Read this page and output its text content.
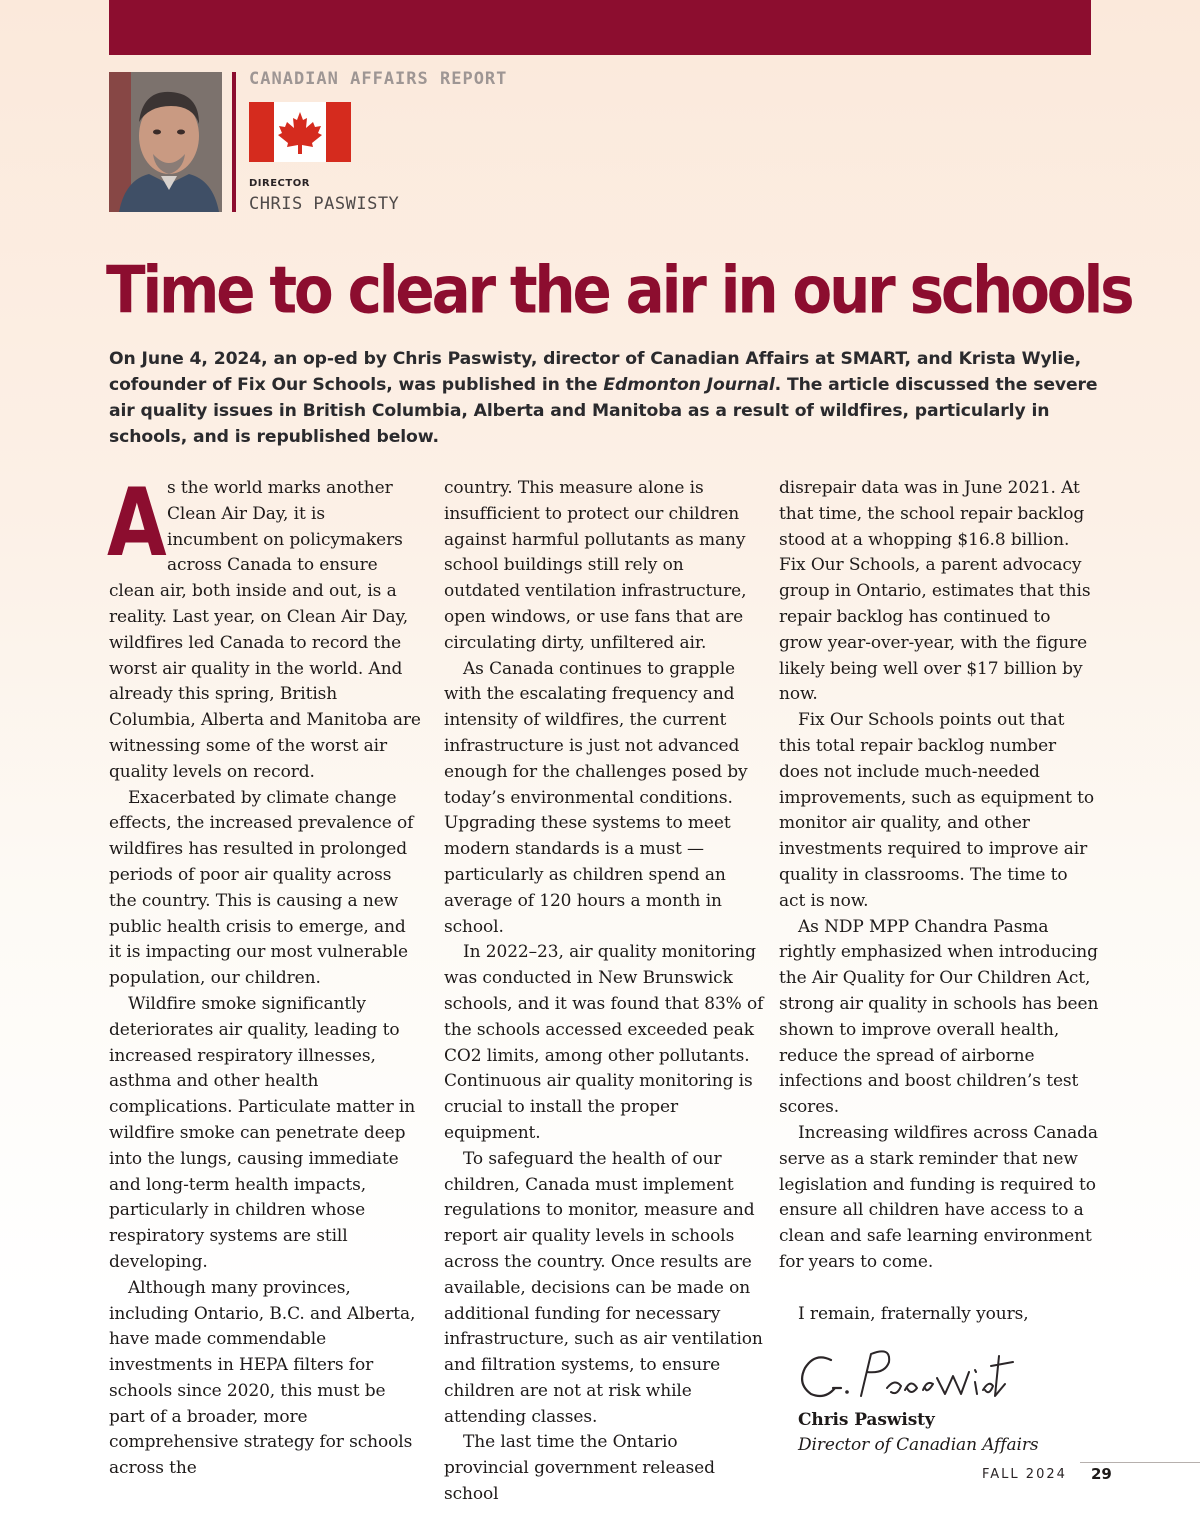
CANADIAN AFFAIRS REPORT

DIRECTOR

CHRIS PASWISTY

Time to clear the air in our schools

On June 4, 2024, an op-ed by Chris Paswisty, director of Canadian Affairs at SMART, and Krista Wylie, cofounder of Fix Our Schools, was published in the Edmonton Journal. The article discussed the severe air quality issues in British Columbia, Alberta and Manitoba as a result of wildfires, particularly in schools, and is republished below.

As the world marks another Clean Air Day, it is incumbent on policymakers across Canada to ensure clean air, both inside and out, is a reality. Last year, on Clean Air Day, wildfires led Canada to record the worst air quality in the world. And already this spring, British Columbia, Alberta and Manitoba are witnessing some of the worst air quality levels on record.

Exacerbated by climate change effects, the increased prevalence of wildfires has resulted in prolonged periods of poor air quality across the country. This is causing a new public health crisis to emerge, and it is impacting our most vulnerable population, our children.

Wildfire smoke significantly deteriorates air quality, leading to increased respiratory illnesses, asthma and other health complications. Particulate matter in wildfire smoke can penetrate deep into the lungs, causing immediate and long-term health impacts, particularly in children whose respiratory systems are still developing.

Although many provinces, including Ontario, B.C. and Alberta, have made commendable investments in HEPA filters for schools since 2020, this must be part of a broader, more comprehensive strategy for schools across the

country. This measure alone is insufficient to protect our children against harmful pollutants as many school buildings still rely on outdated ventilation infrastructure, open windows, or use fans that are circulating dirty, unfiltered air.

As Canada continues to grapple with the escalating frequency and intensity of wildfires, the current infrastructure is just not advanced enough for the challenges posed by today’s environmental conditions. Upgrading these systems to meet modern standards is a must — particularly as children spend an average of 120 hours a month in school.

In 2022–23, air quality monitoring was conducted in New Brunswick schools, and it was found that 83% of the schools accessed exceeded peak CO2 limits, among other pollutants. Continuous air quality monitoring is crucial to install the proper equipment.

To safeguard the health of our children, Canada must implement regulations to monitor, measure and report air quality levels in schools across the country. Once results are available, decisions can be made on additional funding for necessary infrastructure, such as air ventilation and filtration systems, to ensure children are not at risk while attending classes.

The last time the Ontario provincial government released school

disrepair data was in June 2021. At that time, the school repair backlog stood at a whopping $16.8 billion. Fix Our Schools, a parent advocacy group in Ontario, estimates that this repair backlog has continued to grow year-over-year, with the figure likely being well over $17 billion by now.

Fix Our Schools points out that this total repair backlog number does not include much-needed improvements, such as equipment to monitor air quality, and other investments required to improve air quality in classrooms. The time to act is now.

As NDP MPP Chandra Pasma rightly emphasized when introducing the Air Quality for Our Children Act, strong air quality in schools has been shown to improve overall health, reduce the spread of airborne infections and boost children’s test scores.

Increasing wildfires across Canada serve as a stark reminder that new legislation and funding is required to ensure all children have access to a clean and safe learning environment for years to come.

I remain, fraternally yours,

Chris Paswisty

Director of Canadian Affairs

FALL 2024 29
